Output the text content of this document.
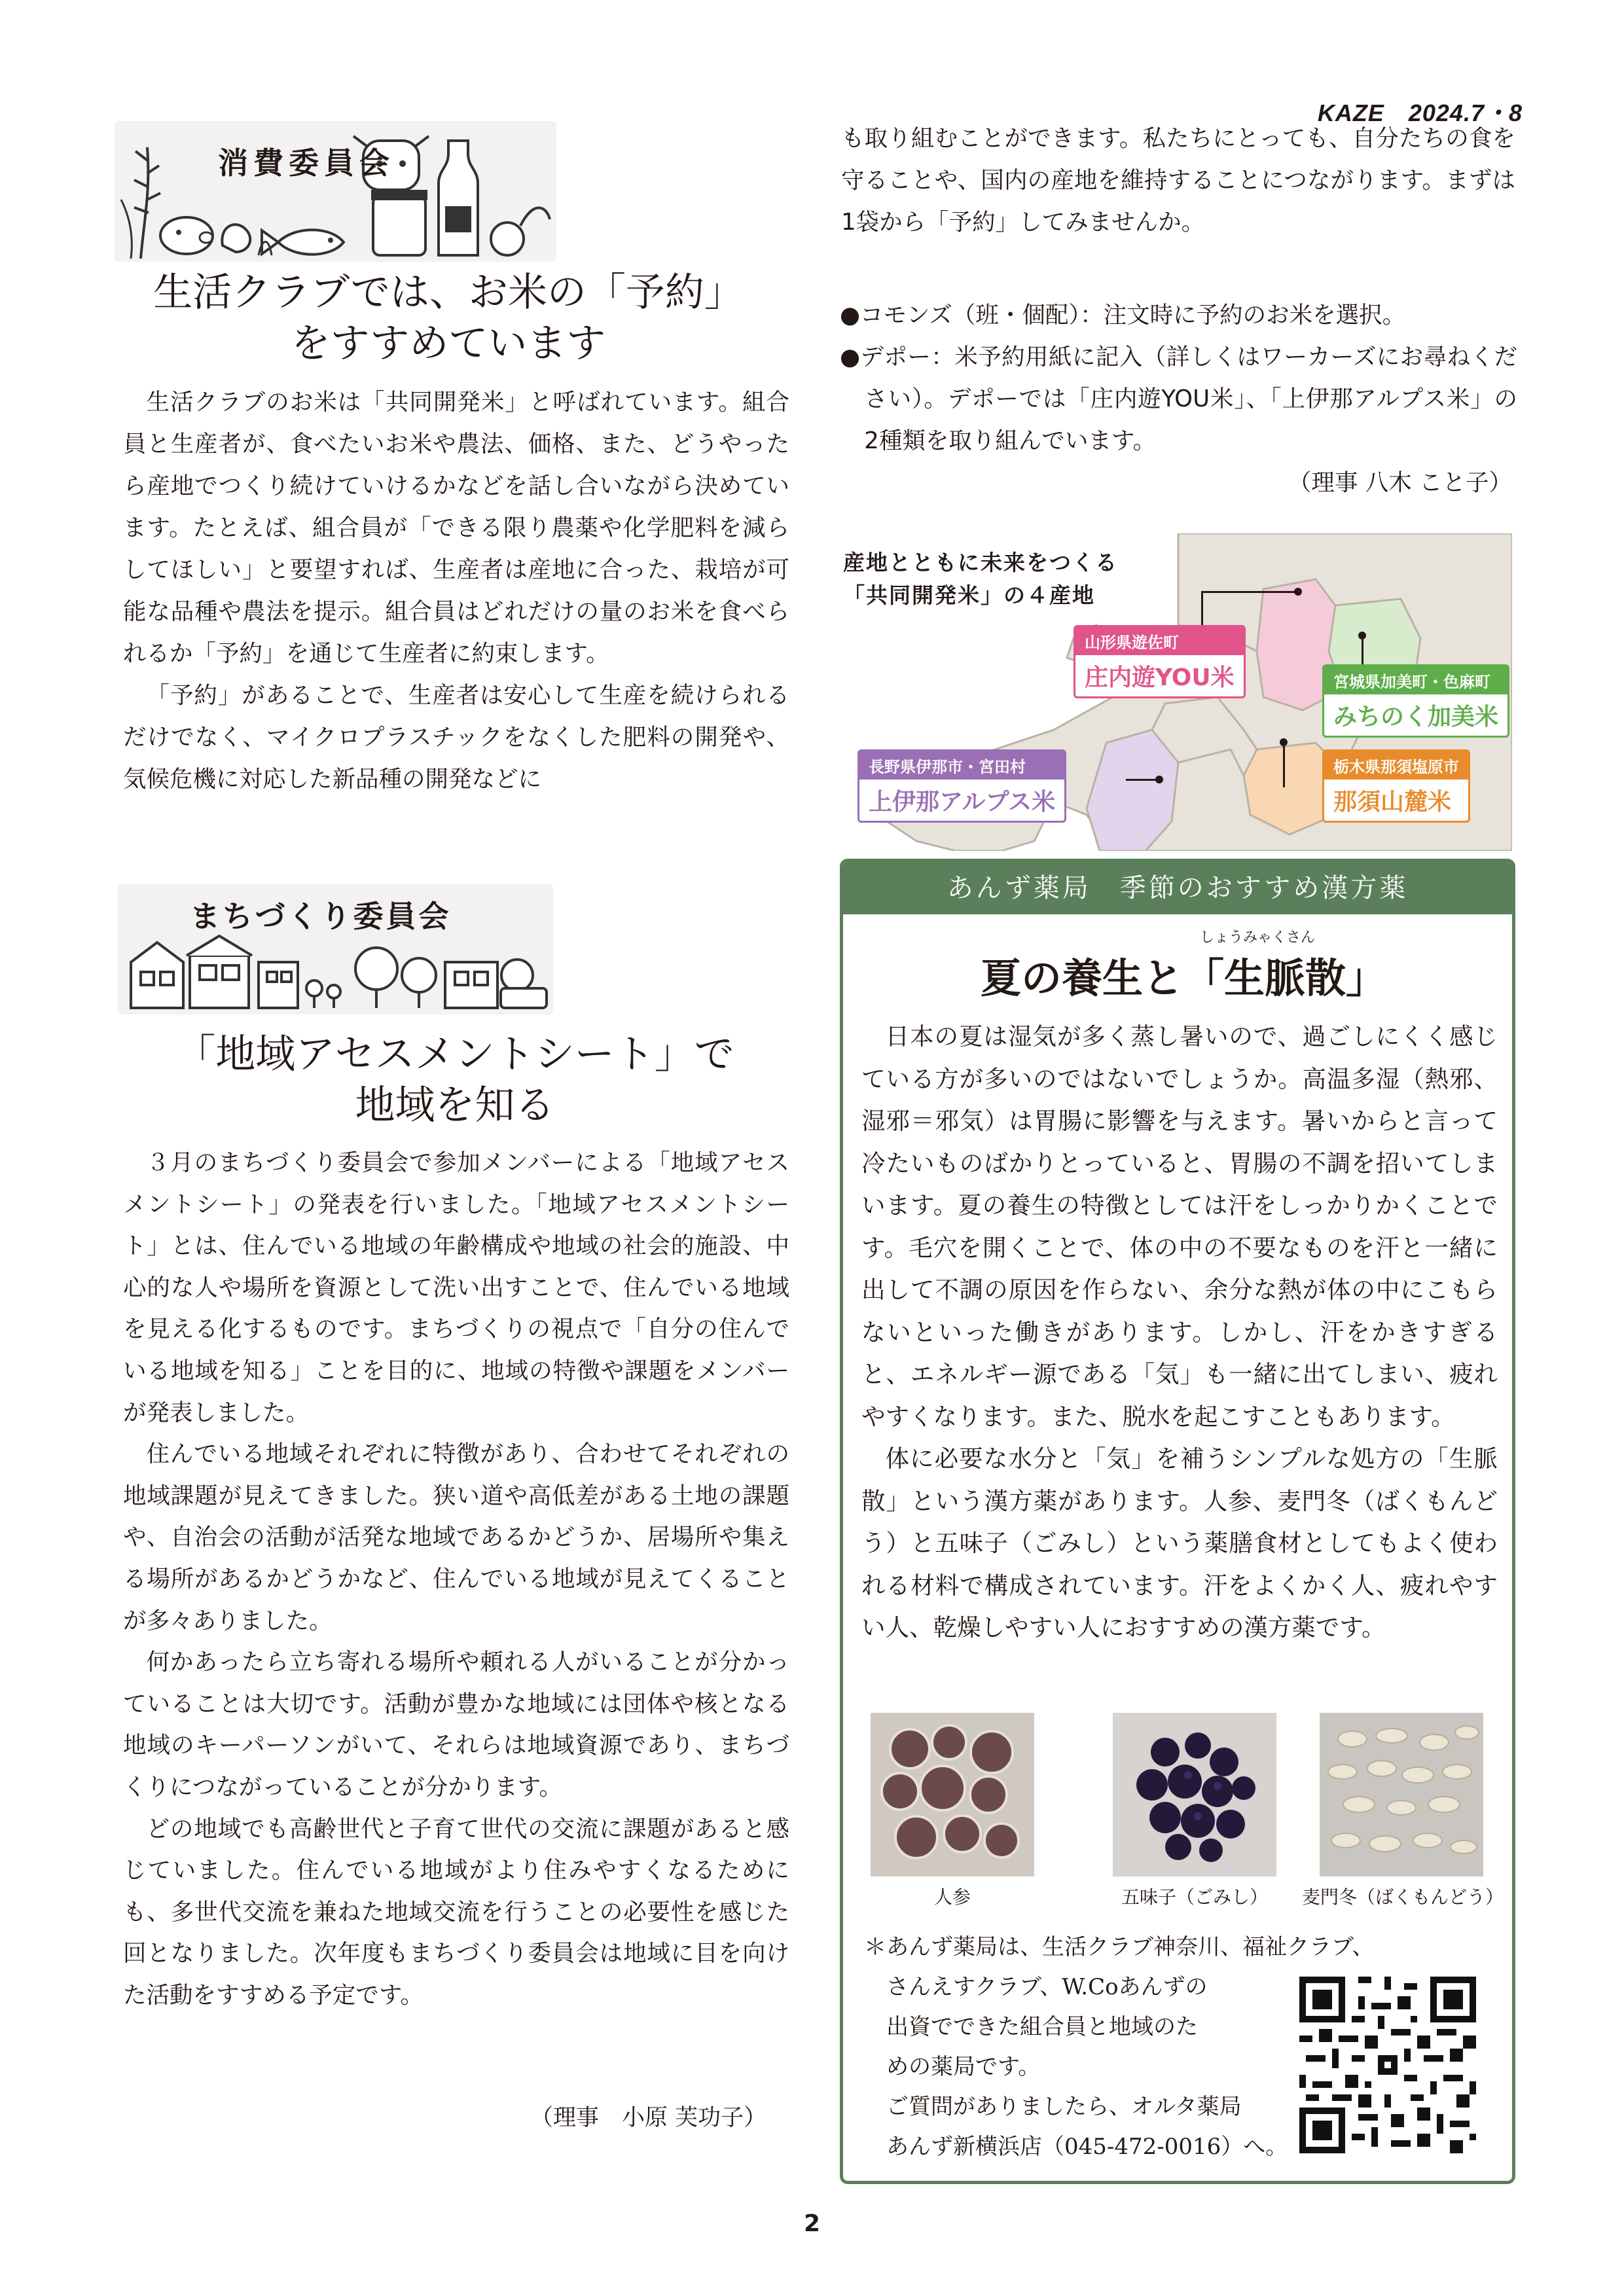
KAZE　2024.7・8
消費委員会
生活クラブでは、お米の「予約」
をすすめています

生活クラブのお米は「共同開発米」と呼ばれています。組合員と生産者が、食べたいお米や農法、価格、また、どうやったら産地でつくり続けていけるかなどを話し合いながら決めています。たとえば、組合員が「できる限り農薬や化学肥料を減らしてほしい」と要望すれば、生産者は産地に合った、栽培が可能な品種や農法を提示。組合員はどれだけの量のお米を食べられるか「予約」を通じて生産者に約束します。

「予約」があることで、生産者は安心して生産を続けられるだけでなく、マイクロプラスチックをなくした肥料の開発や、気候危機に対応した新品種の開発などに

も取り組むことができます。私たちにとっても、自分たちの食を守ることや、国内の産地を維持することにつながります。まずは1袋から「予約」してみませんか。

●コモンズ（班・個配）：注文時に予約のお米を選択。
●デポー：米予約用紙に記入（詳しくはワーカーズにお尋ねください）。デポーでは「庄内遊YOU米」、「上伊那アルプス米」の2種類を取り組んでいます。
（理事 八木 こと子）
産地とともに未来をつくる
「共同開発米」の４産地
山形県遊佐町
庄内遊YOU米	宮城県加美町・色麻町
みちのく加美米
長野県伊那市・宮田村
上伊那アルプス米
栃木県那須塩原市
那須山麓米
まちづくり委員会
「地域アセスメントシート」で
地域を知る

３月のまちづくり委員会で参加メンバーによる「地域アセスメントシート」の発表を行いました。「地域アセスメントシート」とは、住んでいる地域の年齢構成や地域の社会的施設、中心的な人や場所を資源として洗い出すことで、住んでいる地域を見える化するものです。まちづくりの視点で「自分の住んでいる地域を知る」ことを目的に、地域の特徴や課題をメンバーが発表しました。

住んでいる地域それぞれに特徴があり、合わせてそれぞれの地域課題が見えてきました。狭い道や高低差がある土地の課題や、自治会の活動が活発な地域であるかどうか、居場所や集える場所があるかどうかなど、住んでいる地域が見えてくることが多々ありました。

何かあったら立ち寄れる場所や頼れる人がいることが分かっていることは大切です。活動が豊かな地域には団体や核となる地域のキーパーソンがいて、それらは地域資源であり、まちづくりにつながっていることが分かります。

どの地域でも高齢世代と子育て世代の交流に課題があると感じていました。住んでいる地域がより住みやすくなるためにも、多世代交流を兼ねた地域交流を行うことの必要性を感じた回となりました。次年度もまちづくり委員会は地域に目を向けた活動をすすめる予定です。

（理事　小原 芙功子）
あんず薬局　季節のおすすめ漢方薬
しょうみゃくさん
夏の養生と「生脈散」

日本の夏は湿気が多く蒸し暑いので、過ごしにくく感じている方が多いのではないでしょうか。高温多湿（熱邪、湿邪＝邪気）は胃腸に影響を与えます。暑いからと言って冷たいものばかりとっていると、胃腸の不調を招いてしまいます。夏の養生の特徴としては汗をしっかりかくことです。毛穴を開くことで、体の中の不要なものを汗と一緒に出して不調の原因を作らない、余分な熱が体の中にこもらないといった働きがあります。しかし、汗をかきすぎると、エネルギー源である「気」も一緒に出てしまい、疲れやすくなります。また、脱水を起こすこともあります。

体に必要な水分と「気」を補うシンプルな処方の「生脈散」という漢方薬があります。人参、麦門冬（ばくもんどう）と五味子（ごみし）という薬膳食材としてもよく使われる材料で構成されています。汗をよくかく人、疲れやすい人、乾燥しやすい人におすすめの漢方薬です。

人参	五味子（ごみし）	麦門冬（ばくもんどう）
＊あんず薬局は、生活クラブ神奈川、福祉クラブ、
さんえすクラブ、W.Coあんずの
出資でできた組合員と地域のた
めの薬局です。
ご質問がありましたら、オルタ薬局
あんず新横浜店（045-472-0016）へ。
2
